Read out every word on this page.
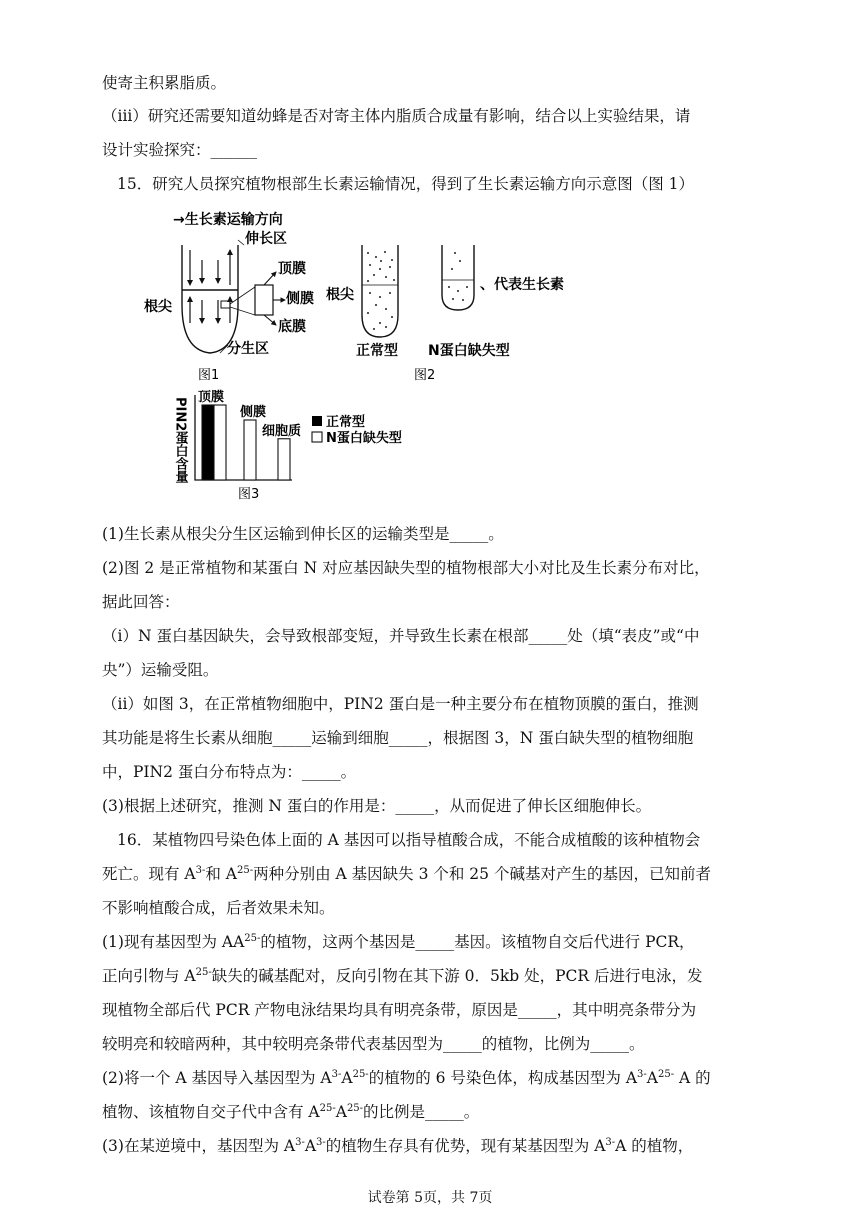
使寄主积累脂质。
（iii）研究还需要知道幼蜂是否对寄主体内脂质合成量有影响，结合以上实验结果，请
设计实验探究：______
15．研究人员探究植物根部生长素运输情况，得到了生长素运输方向示意图（图 1）
→生长素运输方向
伸长区
顶膜
侧膜
底膜
根尖
分生区
图1
根尖
正常型
、代表生长素
N蛋白缺失型
图2
顶膜
侧膜
细胞质
PIN2蛋白含量	正常型
N蛋白缺失型
图3
(1)生长素从根尖分生区运输到伸长区的运输类型是_____。
(2)图 2 是正常植物和某蛋白 N 对应基因缺失型的植物根部大小对比及生长素分布对比，
据此回答：
（i）N 蛋白基因缺失，会导致根部变短，并导致生长素在根部_____处（填“表皮”或“中
央”）运输受阻。
（ii）如图 3，在正常植物细胞中，PIN2 蛋白是一种主要分布在植物顶膜的蛋白，推测
其功能是将生长素从细胞_____运输到细胞_____，根据图 3，N 蛋白缺失型的植物细胞
中，PIN2 蛋白分布特点为：_____。
(3)根据上述研究，推测 N 蛋白的作用是：_____，从而促进了伸长区细胞伸长。
16．某植物四号染色体上面的 A 基因可以指导植酸合成，不能合成植酸的该种植物会
死亡。现有 $A^{3-}$和 $A^{25-}$两种分别由 A 基因缺失 3 个和 25 个碱基对产生的基因，已知前者
不影响植酸合成，后者效果未知。
(1)现有基因型为 $AA^{25-}$的植物，这两个基因是_____基因。该植物自交后代进行 PCR，
正向引物与 $A^{25-}$缺失的碱基配对，反向引物在其下游 0．5kb 处，PCR 后进行电泳，发
现植物全部后代 PCR 产物电泳结果均具有明亮条带，原因是_____，其中明亮条带分为
较明亮和较暗两种，其中较明亮条带代表基因型为_____的植物，比例为_____。
(2)将一个 A 基因导入基因型为 $A^{3-}A^{25-}$的植物的 6 号染色体，构成基因型为 $A^{3-}A^{25-}$ A 的
植物、该植物自交子代中含有 $A^{25-}A^{25-}$的比例是_____。
(3)在某逆境中，基因型为 $A^{3-}A^{3-}$的植物生存具有优势，现有某基因型为 $A^{3-}A$ 的植物，
试卷第 5页，共 7页
